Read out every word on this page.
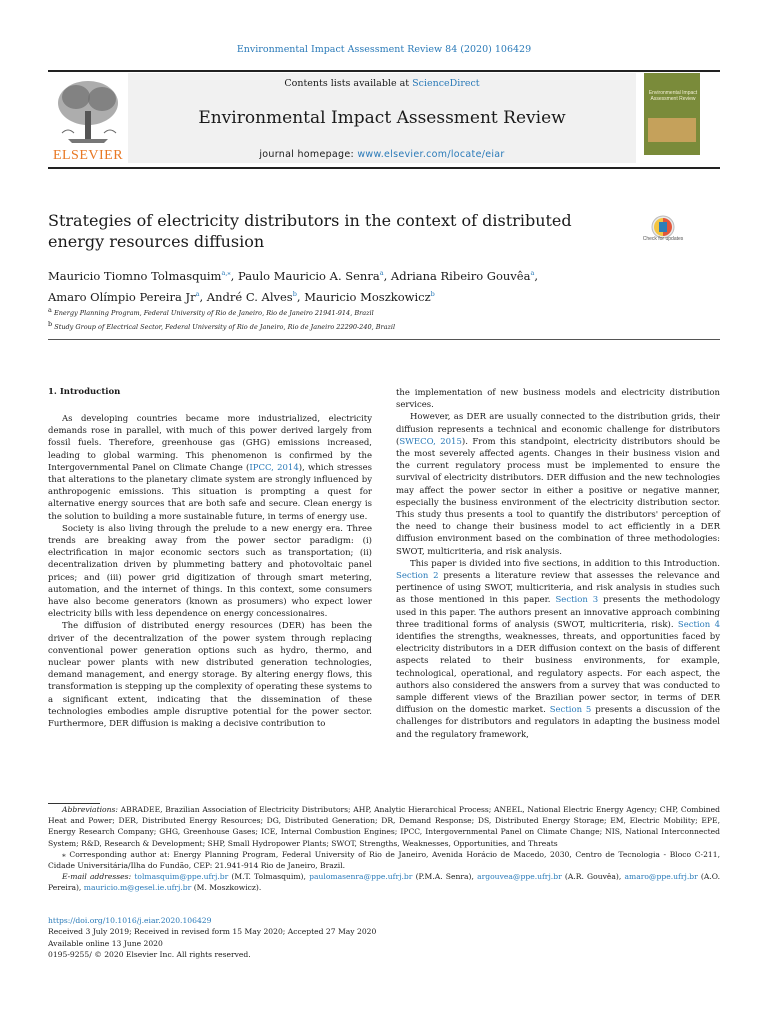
Environmental Impact Assessment Review 84 (2020) 106429
ELSEVIER
Contents lists available at ScienceDirect
Environmental Impact Assessment Review
journal homepage: www.elsevier.com/locate/eiar
Environmental Impact Assessment Review
Strategies of electricity distributors in the context of distributed energy resources diffusion	Check for updates
Mauricio Tiomno Tolmasquim$^{a,⁎}$, Paulo Mauricio A. Senra$^a$, Adriana Ribeiro Gouvêa$^a$,
Amaro Olímpio Pereira Jr$^a$, André C. Alves$^b$, Mauricio Moszkowicz$^b$
$^a$ Energy Planning Program, Federal University of Rio de Janeiro, Rio de Janeiro 21941-914, Brazil
$^b$ Study Group of Electrical Sector, Federal University of Rio de Janeiro, Rio de Janeiro 22290-240, Brazil
1. Introduction

As developing countries became more industrialized, electricity demands rose in parallel, with much of this power derived largely from fossil fuels. Therefore, greenhouse gas (GHG) emissions increased, leading to global warming. This phenomenon is confirmed by the Intergovernmental Panel on Climate Change (IPCC, 2014), which stresses that alterations to the planetary climate system are strongly influenced by anthropogenic emissions. This situation is prompting a quest for alternative energy sources that are both safe and secure. Clean energy is the solution to building a more sustainable future, in terms of energy use.

Society is also living through the prelude to a new energy era. Three trends are breaking away from the power sector paradigm: (i) electrification in major economic sectors such as transportation; (ii) decentralization driven by plummeting battery and photovoltaic panel prices; and (iii) power grid digitization of through smart metering, automation, and the internet of things. In this context, some consumers have also become generators (known as prosumers) who expect lower electricity bills with less dependence on energy concessionaires.

The diffusion of distributed energy resources (DER) has been the driver of the decentralization of the power system through replacing conventional power generation options such as hydro, thermo, and nuclear power plants with new distributed generation technologies, demand management, and energy storage. By altering energy flows, this transformation is stepping up the complexity of operating these systems to a significant extent, indicating that the dissemination of these technologies embodies ample disruptive potential for the power sector. Furthermore, DER diffusion is making a decisive contribution to

the implementation of new business models and electricity distribution services.

However, as DER are usually connected to the distribution grids, their diffusion represents a technical and economic challenge for distributors (SWECO, 2015). From this standpoint, electricity distributors should be the most severely affected agents. Changes in their business vision and the current regulatory process must be implemented to ensure the survival of electricity distributors. DER diffusion and the new technologies may affect the power sector in either a positive or negative manner, especially the business environment of the electricity distribution sector. This study thus presents a tool to quantify the distributors' perception of the need to change their business model to act efficiently in a DER diffusion environment based on the combination of three methodologies: SWOT, multicriteria, and risk analysis.

This paper is divided into five sections, in addition to this Introduction. Section 2 presents a literature review that assesses the relevance and pertinence of using SWOT, multicriteria, and risk analysis in studies such as those mentioned in this paper. Section 3 presents the methodology used in this paper. The authors present an innovative approach combining three traditional forms of analysis (SWOT, multicriteria, risk). Section 4 identifies the strengths, weaknesses, threats, and opportunities faced by electricity distributors in a DER diffusion context on the basis of different aspects related to their business environments, for example, technological, operational, and regulatory aspects. For each aspect, the authors also considered the answers from a survey that was conducted to sample different views of the Brazilian power sector, in terms of DER diffusion on the domestic market. Section 5 presents a discussion of the challenges for distributors and regulators in adapting the business model and the regulatory framework,

Abbreviations: ABRADEE, Brazilian Association of Electricity Distributors; AHP, Analytic Hierarchical Process; ANEEL, National Electric Energy Agency; CHP, Combined Heat and Power; DER, Distributed Energy Resources; DG, Distributed Generation; DR, Demand Response; DS, Distributed Energy Storage; EM, Electric Mobility; EPE, Energy Research Company; GHG, Greenhouse Gases; ICE, Internal Combustion Engines; IPCC, Intergovernmental Panel on Climate Change; NIS, National Interconnected System; R&D, Research & Development; SHP, Small Hydropower Plants; SWOT, Strengths, Weaknesses, Opportunities, and Threats

⁎ Corresponding author at: Energy Planning Program, Federal University of Rio de Janeiro, Avenida Horácio de Macedo, 2030, Centro de Tecnologia - Bloco C-211, Cidade Universitária/Ilha do Fundão, CEP: 21.941-914 Rio de Janeiro, Brazil.

E-mail addresses: tolmasquim@ppe.ufrj.br (M.T. Tolmasquim), paulomasenra@ppe.ufrj.br (P.M.A. Senra), argouvea@ppe.ufrj.br (A.R. Gouvêa), amaro@ppe.ufrj.br (A.O. Pereira), mauricio.m@gesel.ie.ufrj.br (M. Moszkowicz).

https://doi.org/10.1016/j.eiar.2020.106429
Received 3 July 2019; Received in revised form 15 May 2020; Accepted 27 May 2020
Available online 13 June 2020
0195-9255/ © 2020 Elsevier Inc. All rights reserved.
